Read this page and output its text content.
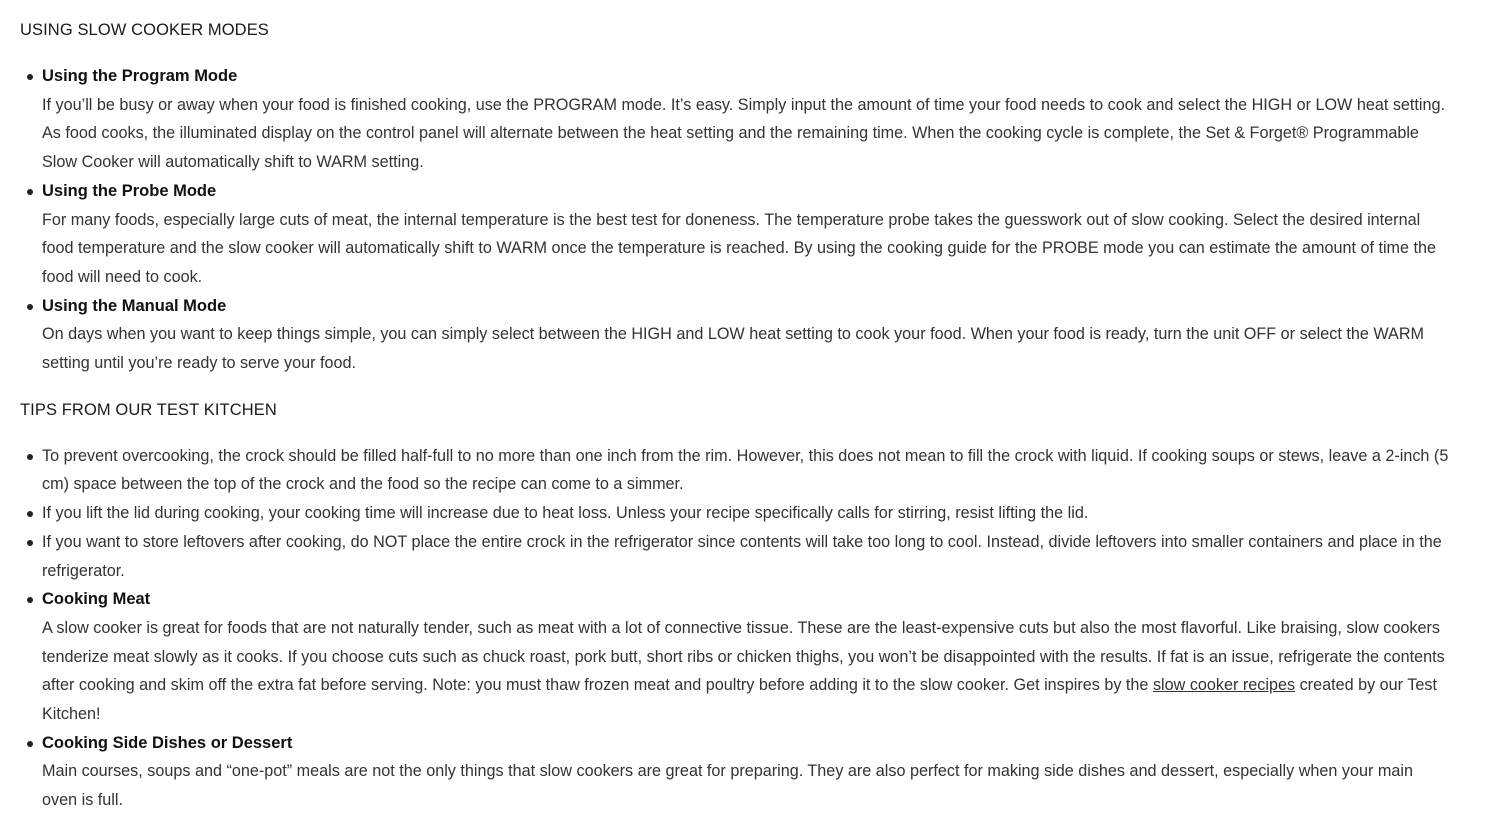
USING SLOW COOKER MODES
Using the Program Mode
If you’ll be busy or away when your food is finished cooking, use the PROGRAM mode. It’s easy. Simply input the amount of time your food needs to cook and select the HIGH or LOW heat setting. As food cooks, the illuminated display on the control panel will alternate between the heat setting and the remaining time. When the cooking cycle is complete, the Set & Forget® Programmable Slow Cooker will automatically shift to WARM setting.
Using the Probe Mode
For many foods, especially large cuts of meat, the internal temperature is the best test for doneness. The temperature probe takes the guesswork out of slow cooking. Select the desired internal food temperature and the slow cooker will automatically shift to WARM once the temperature is reached. By using the cooking guide for the PROBE mode you can estimate the amount of time the food will need to cook.
Using the Manual Mode
On days when you want to keep things simple, you can simply select between the HIGH and LOW heat setting to cook your food. When your food is ready, turn the unit OFF or select the WARM setting until you’re ready to serve your food.
TIPS FROM OUR TEST KITCHEN
To prevent overcooking, the crock should be filled half-full to no more than one inch from the rim. However, this does not mean to fill the crock with liquid. If cooking soups or stews, leave a 2-inch (5 cm) space between the top of the crock and the food so the recipe can come to a simmer.
If you lift the lid during cooking, your cooking time will increase due to heat loss. Unless your recipe specifically calls for stirring, resist lifting the lid.
If you want to store leftovers after cooking, do NOT place the entire crock in the refrigerator since contents will take too long to cool. Instead, divide leftovers into smaller containers and place in the refrigerator.
Cooking Meat
A slow cooker is great for foods that are not naturally tender, such as meat with a lot of connective tissue. These are the least-expensive cuts but also the most flavorful. Like braising, slow cookers tenderize meat slowly as it cooks. If you choose cuts such as chuck roast, pork butt, short ribs or chicken thighs, you won’t be disappointed with the results. If fat is an issue, refrigerate the contents after cooking and skim off the extra fat before serving. Note: you must thaw frozen meat and poultry before adding it to the slow cooker. Get inspires by the slow cooker recipes created by our Test Kitchen!
Cooking Side Dishes or Dessert
Main courses, soups and “one-pot” meals are not the only things that slow cookers are great for preparing. They are also perfect for making side dishes and dessert, especially when your main oven is full.
